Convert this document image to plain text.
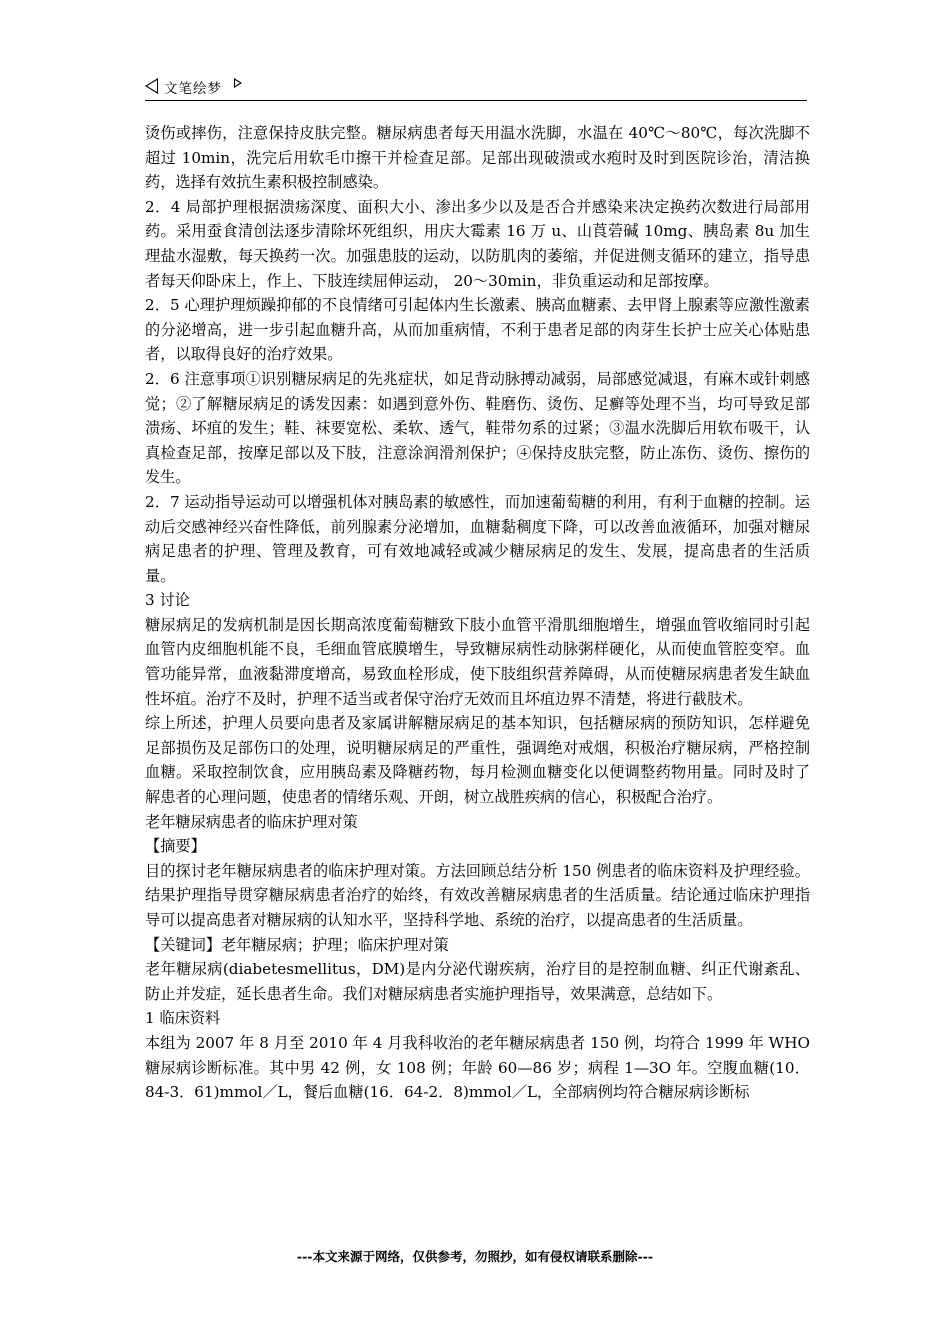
文笔绘梦

烫伤或摔伤，注意保持皮肤完整。糖尿病患者每天用温水洗脚，水温在 40℃～80℃，每次洗脚不超过 10min，洗完后用软毛巾擦干并检查足部。足部出现破溃或水疱时及时到医院诊治，清洁换药，选择有效抗生素积极控制感染。

2．4 局部护理根据溃疡深度、面积大小、渗出多少以及是否合并感染来决定换药次数进行局部用药。采用蚕食清创法逐步清除坏死组织，用庆大霉素 16 万 u、山莨菪碱 10mg、胰岛素 8u 加生理盐水湿敷，每天换药一次。加强患肢的运动，以防肌肉的萎缩，并促进侧支循环的建立，指导患者每天仰卧床上，作上、下肢连续屈伸运动， 20～30min，非负重运动和足部按摩。

2．5 心理护理烦躁抑郁的不良情绪可引起体内生长激素、胰高血糖素、去甲肾上腺素等应激性激素的分泌增高，进一步引起血糖升高，从而加重病情，不利于患者足部的肉芽生长护士应关心体贴患者，以取得良好的治疗效果。

2．6 注意事项①识别糖尿病足的先兆症状，如足背动脉搏动减弱，局部感觉减退，有麻木或针刺感觉；②了解糖尿病足的诱发因素：如遇到意外伤、鞋磨伤、烫伤、足癣等处理不当，均可导致足部溃疡、坏疽的发生；鞋、袜要宽松、柔软、透气，鞋带勿系的过紧；③温水洗脚后用软布吸干，认真检查足部，按摩足部以及下肢，注意涂润滑剂保护；④保持皮肤完整，防止冻伤、烫伤、擦伤的发生。

2．7 运动指导运动可以增强机体对胰岛素的敏感性，而加速葡萄糖的利用，有利于血糖的控制。运动后交感神经兴奋性降低，前列腺素分泌增加，血糖黏稠度下降，可以改善血液循环，加强对糖尿病足患者的护理、管理及教育，可有效地减轻或减少糖尿病足的发生、发展，提高患者的生活质量。

3 讨论

糖尿病足的发病机制是因长期高浓度葡萄糖致下肢小血管平滑肌细胞增生，增强血管收缩同时引起血管内皮细胞机能不良，毛细血管底膜增生，导致糖尿病性动脉粥样硬化，从而使血管腔变窄。血管功能异常，血液黏滞度增高，易致血栓形成，使下肢组织营养障碍，从而使糖尿病患者发生缺血性坏疽。治疗不及时，护理不适当或者保守治疗无效而且坏疽边界不清楚，将进行截肢术。

综上所述，护理人员要向患者及家属讲解糖尿病足的基本知识，包括糖尿病的预防知识，怎样避免足部损伤及足部伤口的处理，说明糖尿病足的严重性，强调绝对戒烟，积极治疗糖尿病，严格控制血糖。采取控制饮食，应用胰岛素及降糖药物，每月检测血糖变化以便调整药物用量。同时及时了解患者的心理问题，使患者的情绪乐观、开朗，树立战胜疾病的信心，积极配合治疗。

老年糖尿病患者的临床护理对策

【摘要】

目的探讨老年糖尿病患者的临床护理对策。方法回顾总结分析 150 例患者的临床资料及护理经验。结果护理指导贯穿糖尿病患者治疗的始终，有效改善糖尿病患者的生活质量。结论通过临床护理指导可以提高患者对糖尿病的认知水平，坚持科学地、系统的治疗，以提高患者的生活质量。

【关键词】老年糖尿病；护理；临床护理对策

老年糖尿病(diabetesmellitus，DM)是内分泌代谢疾病，治疗目的是控制血糖、纠正代谢紊乱、防止并发症，延长患者生命。我们对糖尿病患者实施护理指导，效果满意，总结如下。

1 临床资料

本组为 2007 年 8 月至 2010 年 4 月我科收治的老年糖尿病患者 150 例，均符合 1999 年 WHO 糖尿病诊断标准。其中男 42 例，女 108 例；年龄 60—86 岁；病程 1—3O 年。空腹血糖(10．84-3．61)mmol／L，餐后血糖(16．64-2．8)mmol／L，全部病例均符合糖尿病诊断标

---本文来源于网络，仅供参考，勿照抄，如有侵权请联系删除---
